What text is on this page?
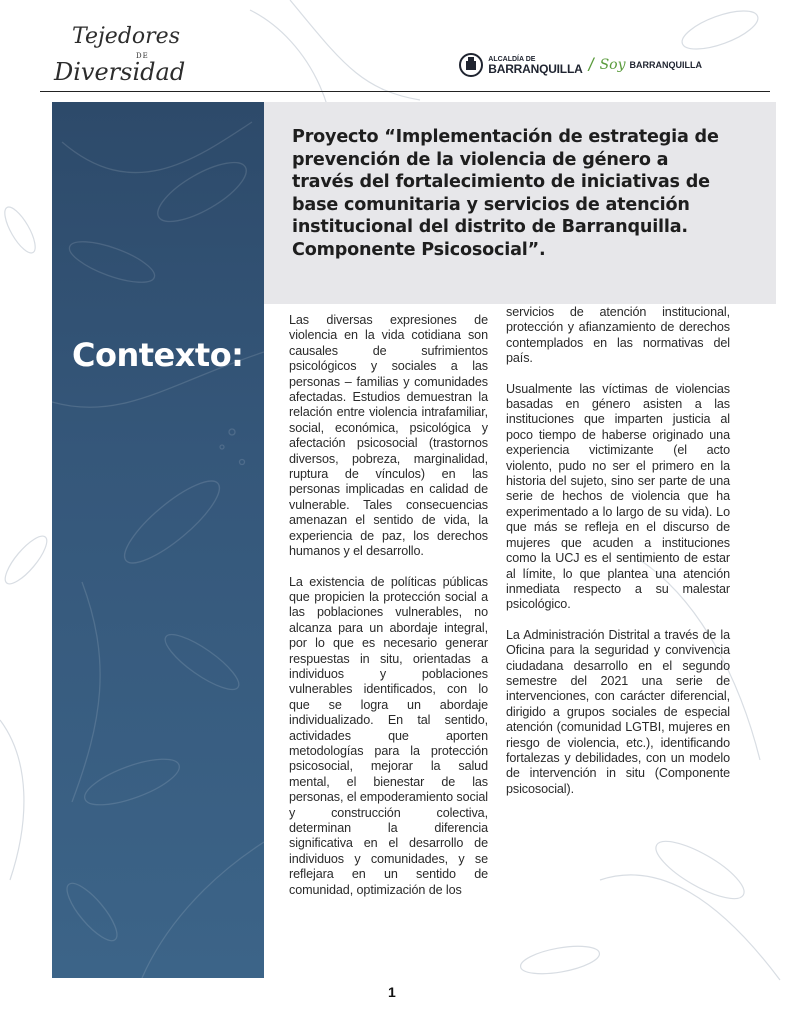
Tejedores
DE
Diversidad	ALCALDÍA DE
BARRANQUILLA / Soy BARRANQUILLA
Contexto:
Proyecto “Implementación de estrategia de prevención de la violencia de género a través del fortalecimiento de iniciativas de base comunitaria y servicios de atención institucional del distrito de Barranquilla. Componente Psicosocial”.

Las diversas expresiones de violencia en la vida cotidiana son causales de sufrimientos psicológicos y sociales a las personas – familias y comunidades afectadas. Estudios demuestran la relación entre violencia intrafamiliar, social, económica, psicológica y afectación psicosocial (trastornos diversos, pobreza, marginalidad, ruptura de vínculos) en las personas implicadas en calidad de vulnerable. Tales consecuencias amenazan el sentido de vida, la experiencia de paz, los derechos humanos y el desarrollo.

La existencia de políticas públicas que propicien la protección social a las poblaciones vulnerables, no alcanza para un abordaje integral, por lo que es necesario generar respuestas in situ, orientadas a individuos y poblaciones vulnerables identificados, con lo que se logra un abordaje individualizado. En tal sentido, actividades que aporten metodologías para la protección psicosocial, mejorar la salud mental, el bienestar de las personas, el empoderamiento social y construcción colectiva, determinan la diferencia significativa en el desarrollo de individuos y comunidades, y se reflejara en un sentido de comunidad, optimización de los

servicios de atención institucional, protección y afianzamiento de derechos contemplados en las normativas del país.

Usualmente las víctimas de violencias basadas en género asisten a las instituciones que imparten justicia al poco tiempo de haberse originado una experiencia victimizante (el acto violento, pudo no ser el primero en la historia del sujeto, sino ser parte de una serie de hechos de violencia que ha experimentado a lo largo de su vida). Lo que más se refleja en el discurso de mujeres que acuden a instituciones como la UCJ es el sentimiento de estar al límite, lo que plantea una atención inmediata respecto a su malestar psicológico.

La Administración Distrital a través de la Oficina para la seguridad y convivencia ciudadana desarrollo en el segundo semestre del 2021 una serie de intervenciones, con carácter diferencial, dirigido a grupos sociales de especial atención (comunidad LGTBI, mujeres en riesgo de violencia, etc.), identificando fortalezas y debilidades, con un modelo de intervención in situ (Componente psicosocial).

1
